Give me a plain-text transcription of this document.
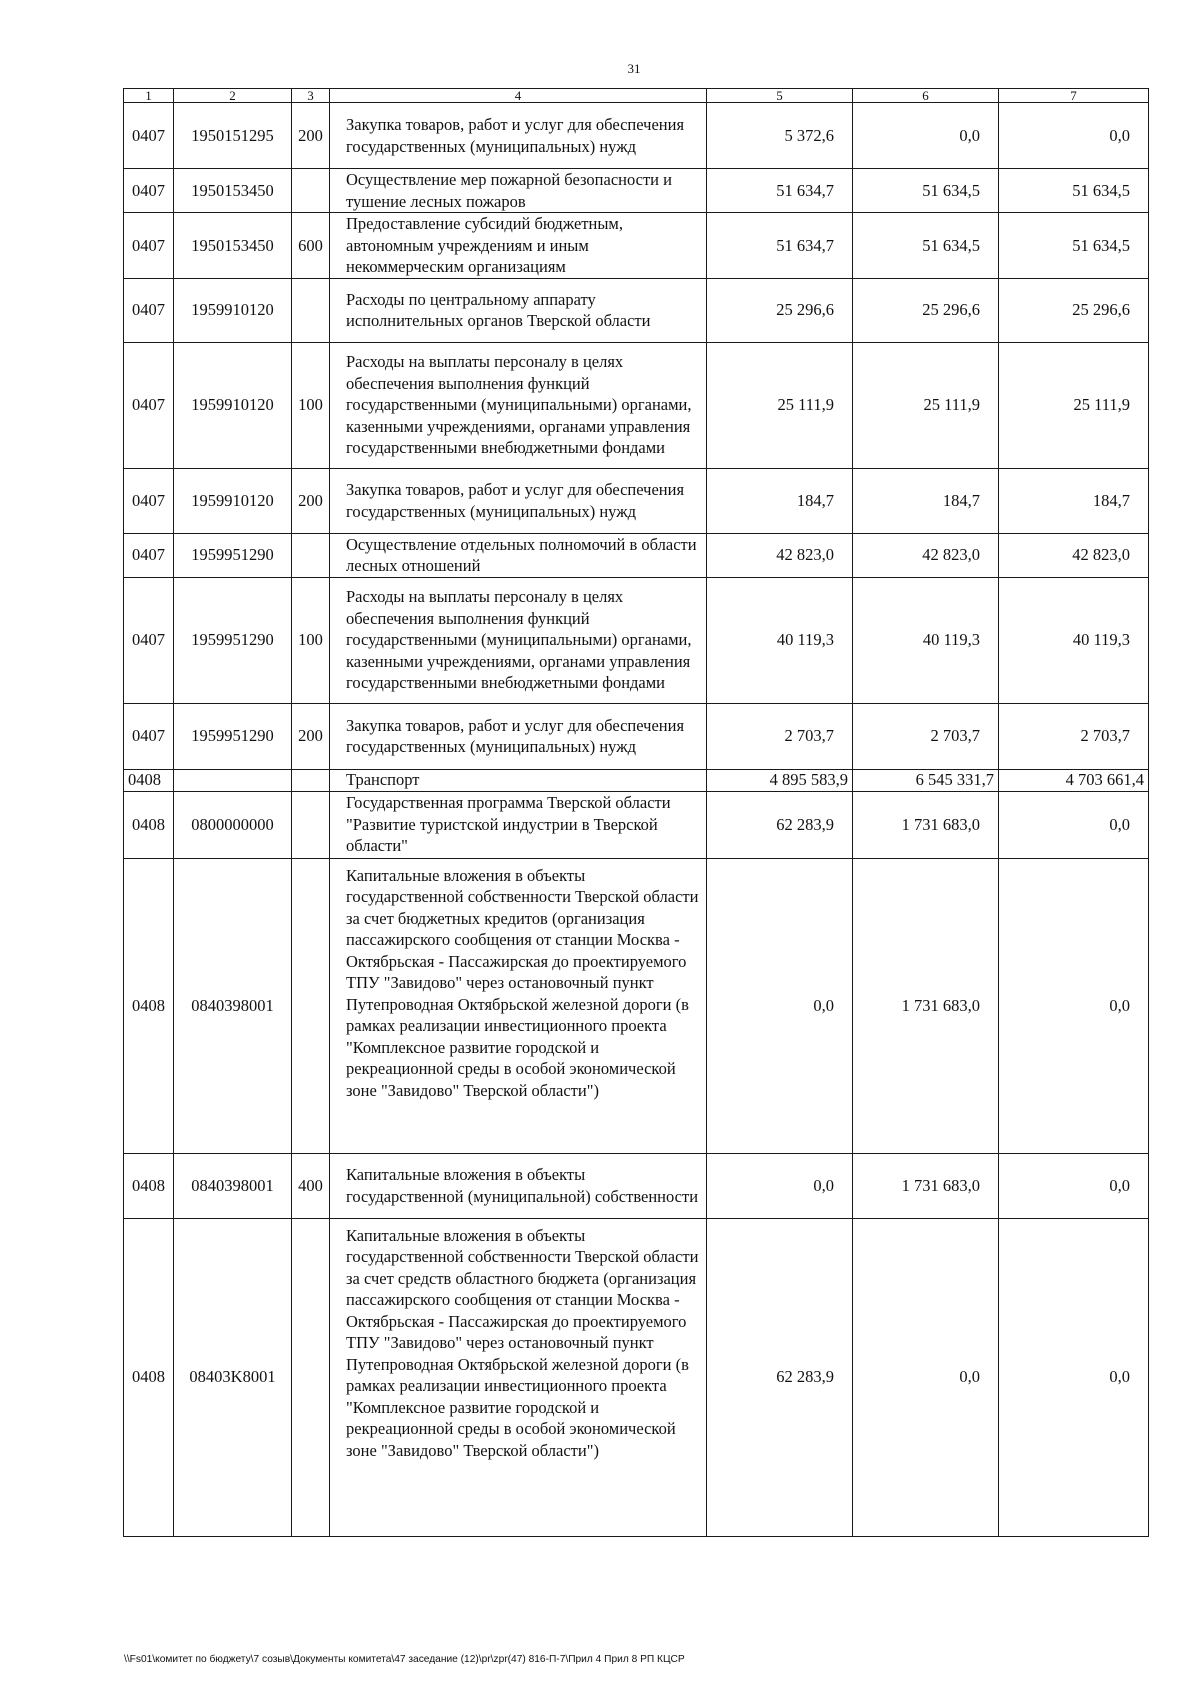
31
1	2	3	4	5	6	7
0407	1950151295	200	Закупка товаров, работ и услуг для обеспечения государственных (муниципальных) нужд	5 372,6	0,0	0,0
0407	1950153450		Осуществление мер пожарной безопасности и тушение лесных пожаров	51 634,7	51 634,5	51 634,5
0407	1950153450	600	Предоставление субсидий бюджетным, автономным учреждениям и иным некоммерческим организациям	51 634,7	51 634,5	51 634,5
0407	1959910120		Расходы по центральному аппарату исполнительных органов Тверской области	25 296,6	25 296,6	25 296,6
0407	1959910120	100	Расходы на выплаты персоналу в целях обеспечения выполнения функций государственными (муниципальными) органами, казенными учреждениями, органами управления государственными внебюджетными фондами	25 111,9	25 111,9	25 111,9
0407	1959910120	200	Закупка товаров, работ и услуг для обеспечения государственных (муниципальных) нужд	184,7	184,7	184,7
0407	1959951290		Осуществление отдельных полномочий в области лесных отношений	42 823,0	42 823,0	42 823,0
0407	1959951290	100	Расходы на выплаты персоналу в целях обеспечения выполнения функций государственными (муниципальными) органами, казенными учреждениями, органами управления государственными внебюджетными фондами	40 119,3	40 119,3	40 119,3
0407	1959951290	200	Закупка товаров, работ и услуг для обеспечения государственных (муниципальных) нужд	2 703,7	2 703,7	2 703,7
0408			Транспорт	4 895 583,9	6 545 331,7	4 703 661,4
0408	0800000000		Государственная программа Тверской области "Развитие туристской индустрии в Тверской области"	62 283,9	1 731 683,0	0,0
0408	0840398001		Капитальные вложения в объекты государственной собственности Тверской области за счет бюджетных кредитов (организация пассажирского сообщения от станции Москва - Октябрьская - Пассажирская до проектируемого ТПУ "Завидово" через остановочный пункт Путепроводная Октябрьской железной дороги (в рамках реализации инвестиционного проекта "Комплексное развитие городской и рекреационной среды в особой экономической зоне "Завидово" Тверской области")	0,0	1 731 683,0	0,0
0408	0840398001	400	Капитальные вложения в объекты государственной (муниципальной) собственности	0,0	1 731 683,0	0,0
0408	08403K8001		Капитальные вложения в объекты государственной собственности Тверской области за счет средств областного бюджета (организация пассажирского сообщения от станции Москва - Октябрьская - Пассажирская до проектируемого ТПУ "Завидово" через остановочный пункт Путепроводная Октябрьской железной дороги (в рамках реализации инвестиционного проекта "Комплексное развитие городской и рекреационной среды в особой экономической зоне "Завидово" Тверской области")	62 283,9	0,0	0,0
\\Fs01\комитет по бюджету\7 созыв\Документы комитета\47 заседание (12)\pr\zpr(47) 816-П-7\Прил 4 Прил 8 РП КЦСР
